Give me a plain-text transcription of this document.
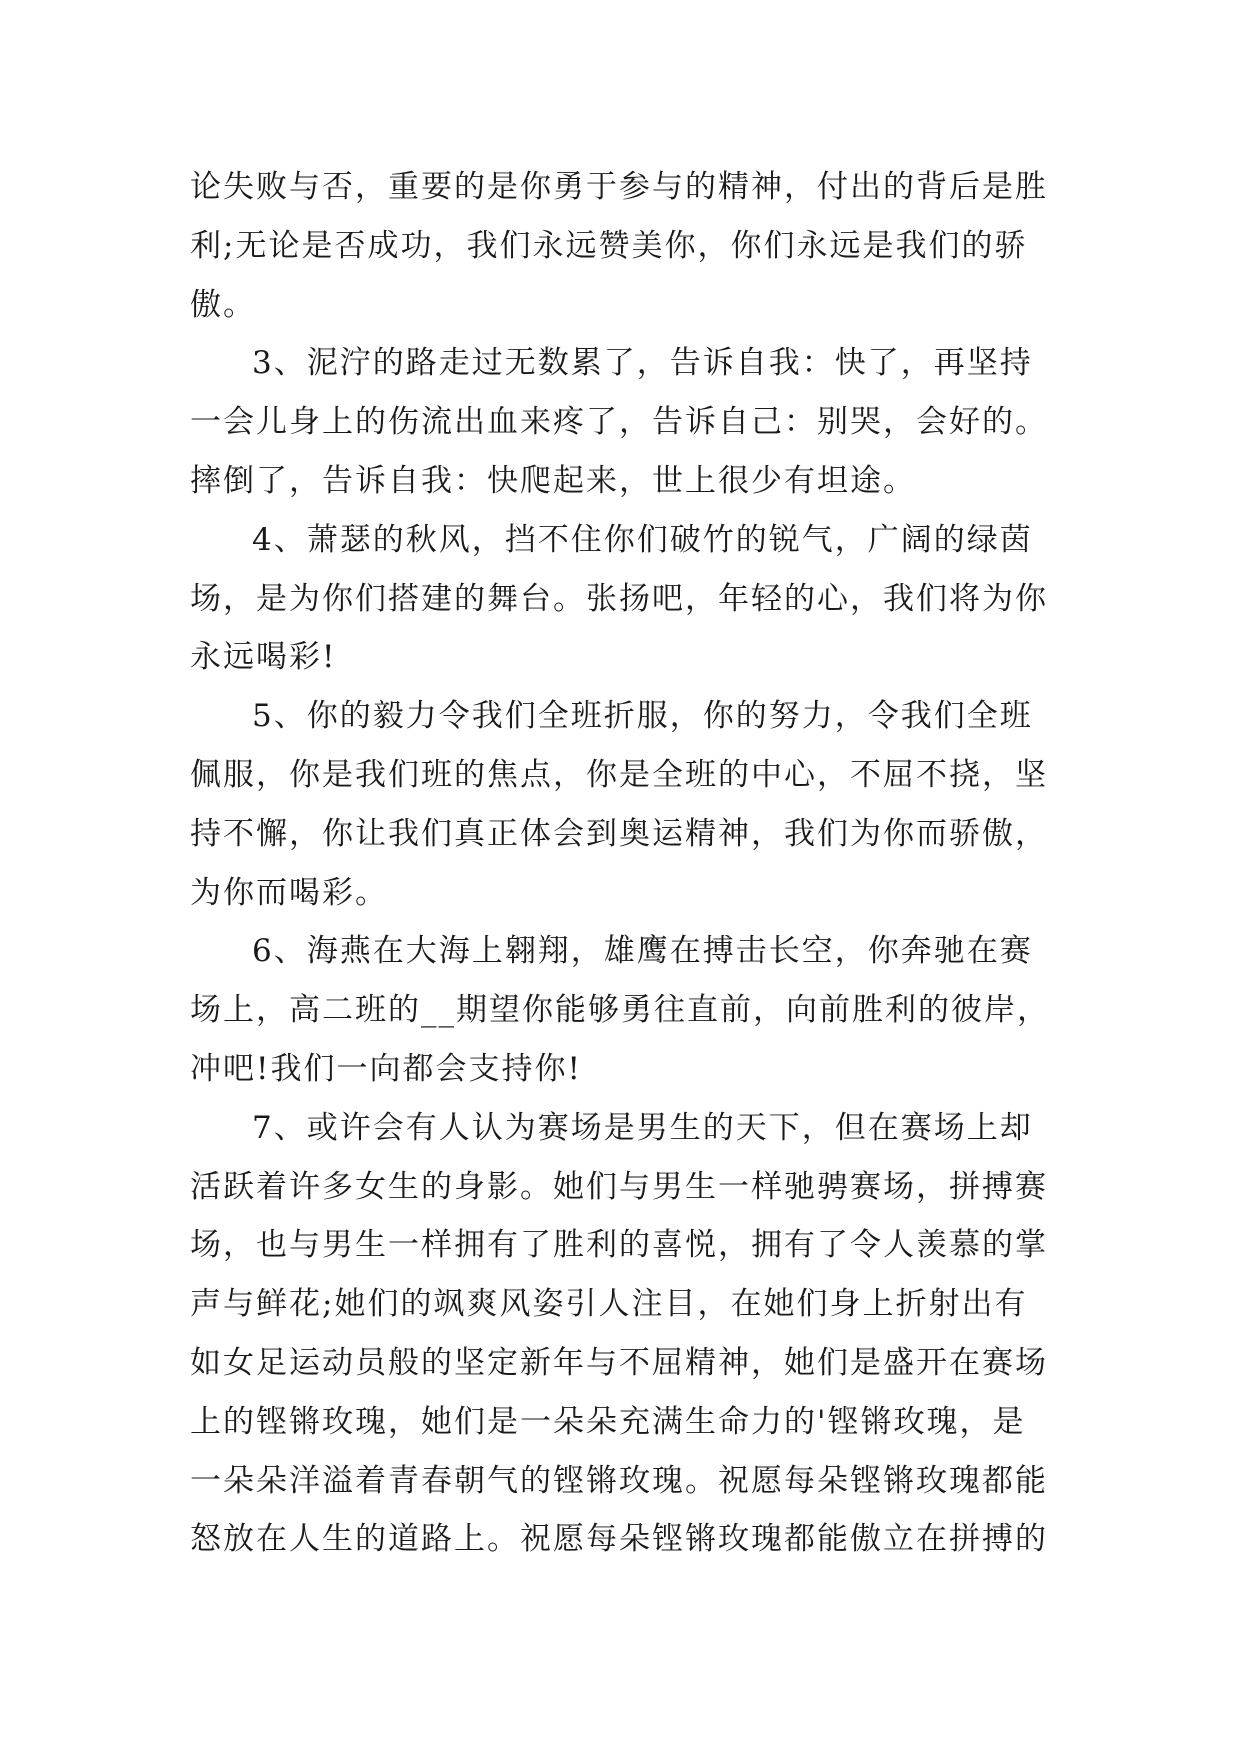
论失败与否，重要的是你勇于参与的精神，付出的背后是胜
利;无论是否成功，我们永远赞美你，你们永远是我们的骄
傲。
3、泥泞的路走过无数累了，告诉自我：快了，再坚持
一会儿身上的伤流出血来疼了，告诉自己：别哭，会好的。
摔倒了，告诉自我：快爬起来，世上很少有坦途。
4、萧瑟的秋风，挡不住你们破竹的锐气，广阔的绿茵
场，是为你们搭建的舞台。张扬吧，年轻的心，我们将为你
永远喝彩!
5、你的毅力令我们全班折服，你的努力，令我们全班
佩服，你是我们班的焦点，你是全班的中心，不屈不挠，坚
持不懈，你让我们真正体会到奥运精神，我们为你而骄傲，
为你而喝彩。
6、海燕在大海上翱翔，雄鹰在搏击长空，你奔驰在赛
场上，高二班的__期望你能够勇往直前，向前胜利的彼岸，
冲吧!我们一向都会支持你!
7、或许会有人认为赛场是男生的天下，但在赛场上却
活跃着许多女生的身影。她们与男生一样驰骋赛场，拼搏赛
场，也与男生一样拥有了胜利的喜悦，拥有了令人羡慕的掌
声与鲜花;她们的飒爽风姿引人注目，在她们身上折射出有
如女足运动员般的坚定新年与不屈精神，她们是盛开在赛场
上的铿锵玫瑰，她们是一朵朵充满生命力的'铿锵玫瑰，是
一朵朵洋溢着青春朝气的铿锵玫瑰。祝愿每朵铿锵玫瑰都能
怒放在人生的道路上。祝愿每朵铿锵玫瑰都能傲立在拼搏的
